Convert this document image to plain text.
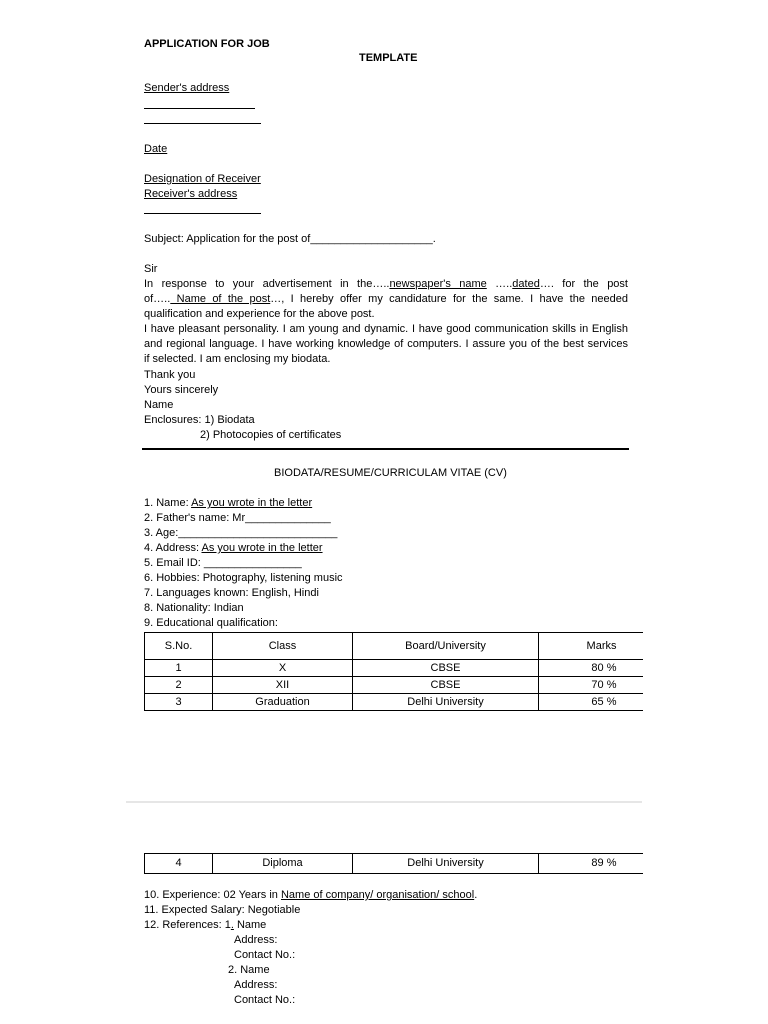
APPLICATION FOR JOB
TEMPLATE
Sender's address
Date
Designation of Receiver
Receiver's address
Subject: Application for the post of____________________.
Sir
In response to your advertisement in the…..newspaper's name …..dated…. for the post
of….. Name of the post…, I hereby offer my candidature for the same. I have the needed
qualification and experience for the above post.
I have pleasant personality. I am young and dynamic. I have good communication skills in English
and regional language. I have working knowledge of computers. I assure you of the best services
if selected. I am enclosing my biodata.
Thank you
Yours sincerely
Name
Enclosures: 1) Biodata
2) Photocopies of certificates
BIODATA/RESUME/CURRICULAM VITAE (CV)
1. Name: As you wrote in the letter
2. Father's name: Mr______________
3. Age:__________________________
4. Address: As you wrote in the letter
5. Email ID: ________________
6. Hobbies: Photography, listening music
7. Languages known: English, Hindi
8. Nationality: Indian
9. Educational qualification:
S.No.	Class	Board/University	Marks
1	X	CBSE	80 %
2	XII	CBSE	70 %
3	Graduation	Delhi University	65 %
4	Diploma	Delhi University	89 %
10. Experience: 02 Years in Name of company/ organisation/ school.
11. Expected Salary: Negotiable
12. References: 1. Name
Address:
Contact No.:
2. Name
Address:
Contact No.:
